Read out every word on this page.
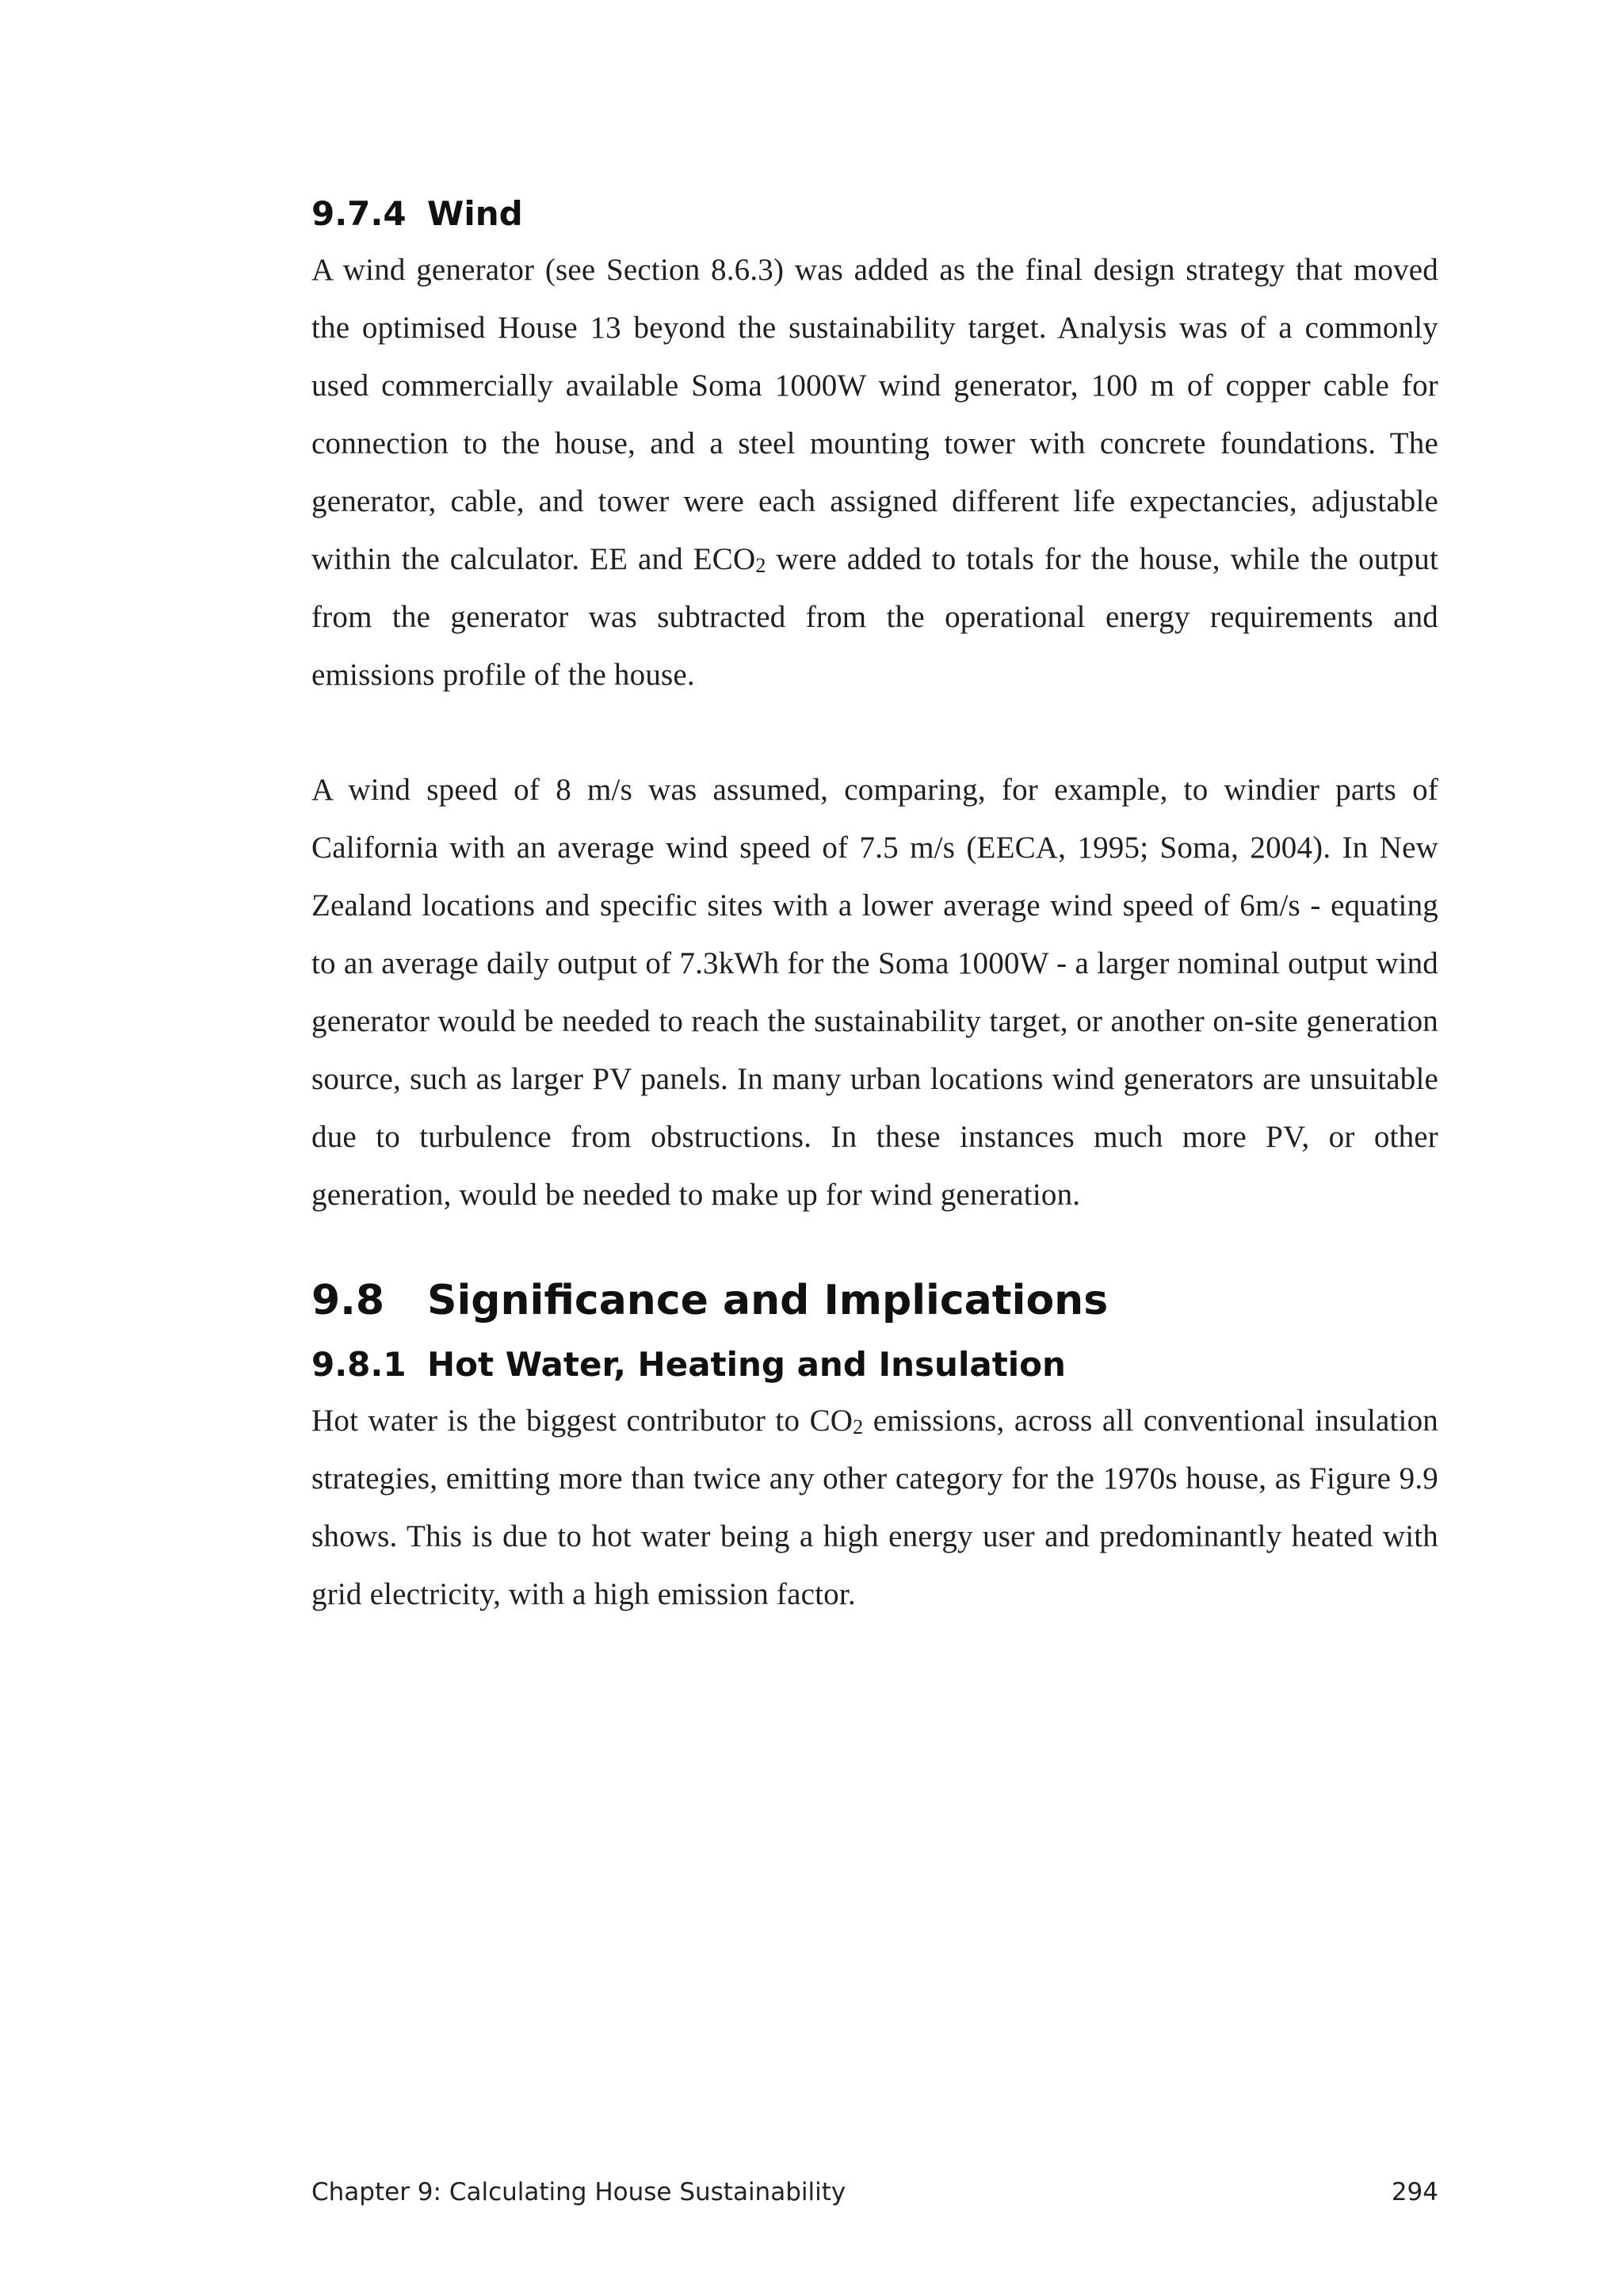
9.7.4 Wind

A wind generator (see Section 8.6.3) was added as the final design strategy that moved the optimised House 13 beyond the sustainability target. Analysis was of a commonly used commercially available Soma 1000W wind generator, 100 m of copper cable for connection to the house, and a steel mounting tower with concrete foundations. The generator, cable, and tower were each assigned different life expectancies, adjustable within the calculator. EE and $ECO_2$ were added to totals for the house, while the output from the generator was subtracted from the operational energy requirements and emissions profile of the house.

A wind speed of 8 m/s was assumed, comparing, for example, to windier parts of California with an average wind speed of 7.5 m/s (EECA, 1995; Soma, 2004). In New Zealand locations and specific sites with a lower average wind speed of 6m/s - equating to an average daily output of 7.3kWh for the Soma 1000W - a larger nominal output wind generator would be needed to reach the sustainability target, or another on-site generation source, such as larger PV panels. In many urban locations wind generators are unsuitable due to turbulence from obstructions. In these instances much more PV, or other generation, would be needed to make up for wind generation.

9.8	Significance and Implications
9.8.1 Hot Water, Heating and Insulation

Hot water is the biggest contributor to $CO_2$ emissions, across all conventional insulation strategies, emitting more than twice any other category for the 1970s house, as Figure 9.9 shows. This is due to hot water being a high energy user and predominantly heated with grid electricity, with a high emission factor.

Chapter 9: Calculating House Sustainability	294
